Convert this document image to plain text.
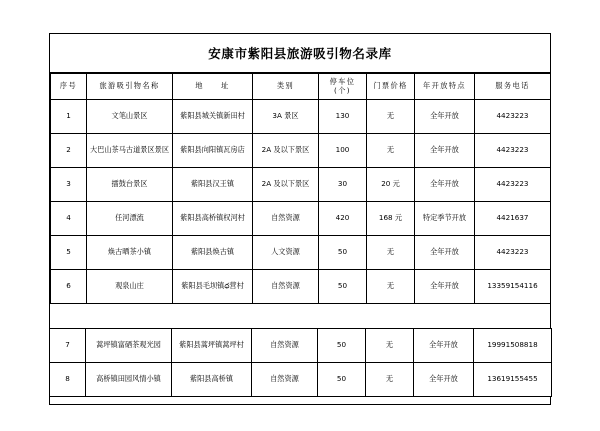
安康市紫阳县旅游吸引物名录库
序号	旅游吸引物名称	地　　址	类别	停车位 (个)	门票价格	年开放特点	服务电话
1	文笔山景区	紫阳县城关镇新田村	3A 景区	130	无	全年开放	4423223
2	大巴山茶马古道景区景区	紫阳县向阳镇瓦房店	2A 及以下景区	100	无	全年开放	4423223
3	擂鼓台景区	紫阳县汉王镇	2A 及以下景区	30	20 元	全年开放	4423223
4	任河漂流	紫阳县高桥镇权河村	自然资源	420	168 元	特定季节开放	4421637
5	焕古晒茶小镇	紫阳县焕古镇	人文资源	50	无	全年开放	4423223
6	观泉山庄	紫阳县毛坝镇ధ营村	自然资源	50	无	全年开放	13359154116
7	蒿坪镇富硒茶观光园	紫阳县蒿坪镇蒿坪村	自然资源	50	无	全年开放	19991508818
8	高桥镇田园风情小镇	紫阳县高桥镇	自然资源	50	无	全年开放	13619155455
